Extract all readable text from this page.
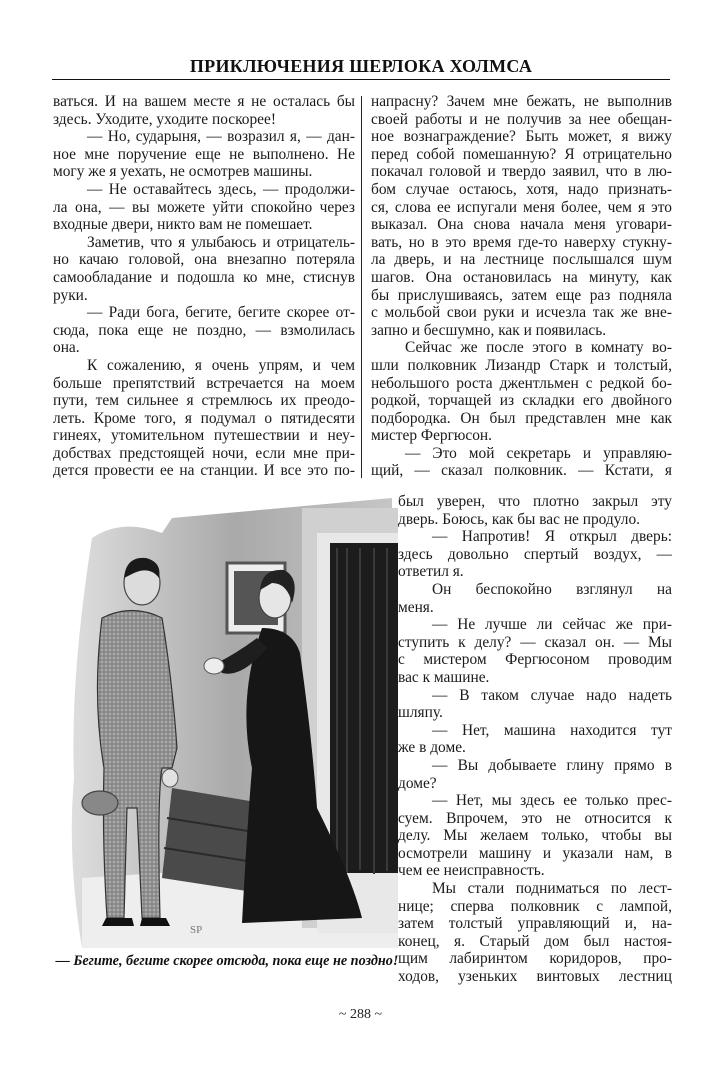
ПРИКЛЮЧЕНИЯ ШЕРЛОКА ХОЛМСА
ваться. И на вашем месте я не осталась бы
здесь. Уходите, уходите поскорее!
— Но, сударыня, — возразил я, — дан-
ное мне поручение еще не выполнено. Не
могу же я уехать, не осмотрев машины.
— Не оставайтесь здесь, — продолжи-
ла она, — вы можете уйти спокойно через
входные двери, никто вам не помешает.
Заметив, что я улыбаюсь и отрицатель-
но качаю головой, она внезапно потеряла
самообладание и подошла ко мне, стиснув
руки.
— Ради бога, бегите, бегите скорее от-
сюда, пока еще не поздно, — взмолилась
она.
К сожалению, я очень упрям, и чем
больше препятствий встречается на моем
пути, тем сильнее я стремлюсь их преодо-
леть. Кроме того, я подумал о пятидесяти
гинеях, утомительном путешествии и неу-
добствах предстоящей ночи, если мне при-
дется провести ее на станции. И все это по-
напрасну? Зачем мне бежать, не выполнив
своей работы и не получив за нее обещан-
ное вознаграждение? Быть может, я вижу
перед собой помешанную? Я отрицательно
покачал головой и твердо заявил, что в лю-
бом случае остаюсь, хотя, надо признать-
ся, слова ее испугали меня более, чем я это
выказал. Она снова начала меня уговари-
вать, но в это время где-то наверху стукну-
ла дверь, и на лестнице послышался шум
шагов. Она остановилась на минуту, как
бы прислушиваясь, затем еще раз подняла
с мольбой свои руки и исчезла так же вне-
запно и бесшумно, как и появилась.
Сейчас же после этого в комнату во-
шли полковник Лизандр Старк и толстый,
небольшого роста джентльмен с редкой бо-
родкой, торчащей из складки его двойного
подбородка. Он был представлен мне как
мистер Фергюсон.
— Это мой секретарь и управляю-
щий, — сказал полковник. — Кстати, я
был уверен, что плотно закрыл эту
дверь. Боюсь, как бы вас не продуло.
— Напротив! Я открыл дверь:
здесь довольно спертый воздух, —
ответил я.
Он беспокойно взглянул на
меня.
— Не лучше ли сейчас же при-
ступить к делу? — сказал он. — Мы
с мистером Фергюсоном проводим
вас к машине.
— В таком случае надо надеть
шляпу.
— Нет, машина находится тут
же в доме.
— Вы добываете глину прямо в
доме?
— Нет, мы здесь ее только прес-
суем. Впрочем, это не относится к
делу. Мы желаем только, чтобы вы
осмотрели машину и указали нам, в
чем ее неисправность.
Мы стали подниматься по лест-
нице; сперва полковник с лампой,
затем толстый управляющий и, на-
конец, я. Старый дом был настоя-
щим лабиринтом коридоров, про-
ходов, узеньких винтовых лестниц
SP
— Бегите, бегите скорее отсюда, пока еще не поздно!
~ 288 ~
